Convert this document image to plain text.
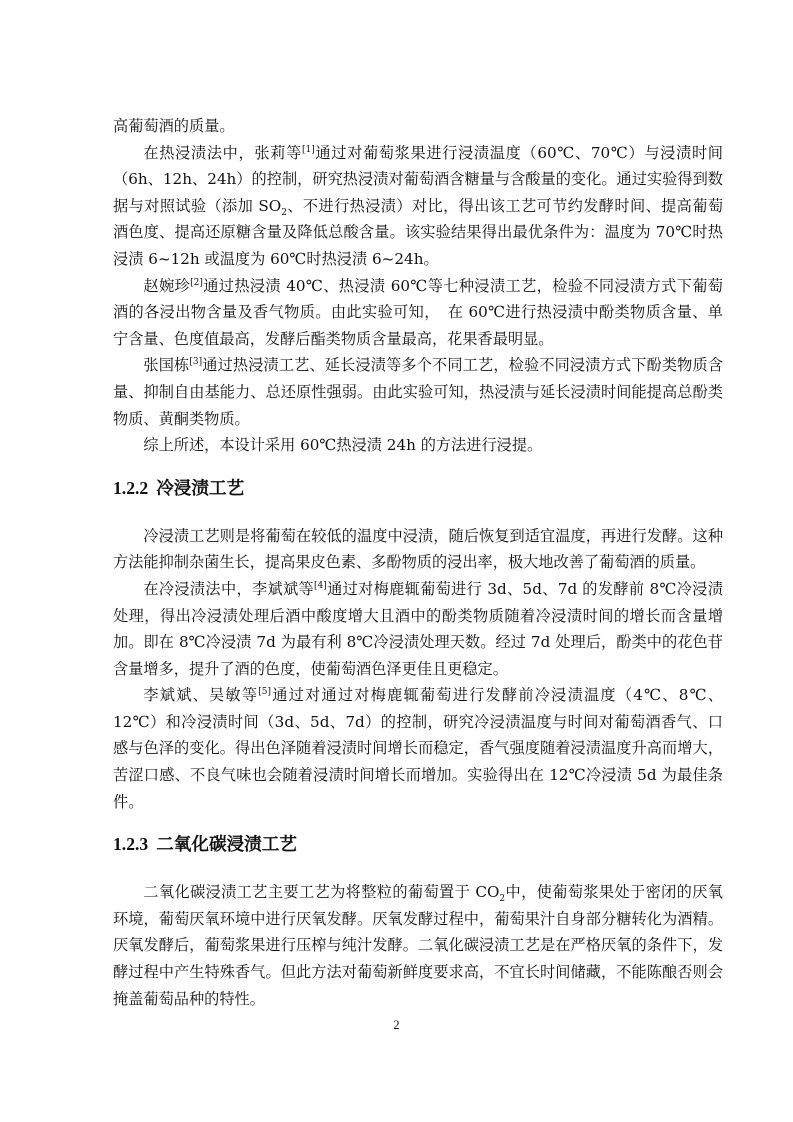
高葡萄酒的质量。

在热浸渍法中，张莉等[1]通过对葡萄浆果进行浸渍温度（60℃、70℃）与浸渍时间（6h、12h、24h）的控制，研究热浸渍对葡萄酒含糖量与含酸量的变化。通过实验得到数据与对照试验（添加 $SO_2$、不进行热浸渍）对比，得出该工艺可节约发酵时间、提高葡萄酒色度、提高还原糖含量及降低总酸含量。该实验结果得出最优条件为：温度为 70℃时热浸渍 6~12h 或温度为 60℃时热浸渍 6~24h。

赵婉珍[2]通过热浸渍 40℃、热浸渍 60℃等七种浸渍工艺，检验不同浸渍方式下葡萄酒的各浸出物含量及香气物质。由此实验可知，　在 60℃进行热浸渍中酚类物质含量、单宁含量、色度值最高，发酵后酯类物质含量最高，花果香最明显。

张国栋[3]通过热浸渍工艺、延长浸渍等多个不同工艺，检验不同浸渍方式下酚类物质含量、抑制自由基能力、总还原性强弱。由此实验可知，热浸渍与延长浸渍时间能提高总酚类物质、黄酮类物质。

综上所述，本设计采用 60℃热浸渍 24h 的方法进行浸提。

1.2.2 冷浸渍工艺

冷浸渍工艺则是将葡萄在较低的温度中浸渍，随后恢复到适宜温度，再进行发酵。这种方法能抑制杂菌生长，提高果皮色素、多酚物质的浸出率，极大地改善了葡萄酒的质量。

在冷浸渍法中，李斌斌等[4]通过对梅鹿辄葡萄进行 3d、5d、7d 的发酵前 8℃冷浸渍处理，得出冷浸渍处理后酒中酸度增大且酒中的酚类物质随着冷浸渍时间的增长而含量增加。即在 8℃冷浸渍 7d 为最有利 8℃冷浸渍处理天数。经过 7d 处理后，酚类中的花色苷含量增多，提升了酒的色度，使葡萄酒色泽更佳且更稳定。

李斌斌、吴敏等[5]通过对通过对梅鹿辄葡萄进行发酵前冷浸渍温度（4℃、8℃、12℃）和冷浸渍时间（3d、5d、7d）的控制，研究冷浸渍温度与时间对葡萄酒香气、口感与色泽的变化。得出色泽随着浸渍时间增长而稳定，香气强度随着浸渍温度升高而增大，苦涩口感、不良气味也会随着浸渍时间增长而增加。实验得出在 12℃冷浸渍 5d 为最佳条件。

1.2.3 二氧化碳浸渍工艺

二氧化碳浸渍工艺主要工艺为将整粒的葡萄置于 $CO_2$中，使葡萄浆果处于密闭的厌氧环境，葡萄厌氧环境中进行厌氧发酵。厌氧发酵过程中，葡萄果汁自身部分糖转化为酒精。厌氧发酵后，葡萄浆果进行压榨与纯汁发酵。二氧化碳浸渍工艺是在严格厌氧的条件下，发酵过程中产生特殊香气。但此方法对葡萄新鲜度要求高，不宜长时间储藏，不能陈酿否则会掩盖葡萄品种的特性。

2
